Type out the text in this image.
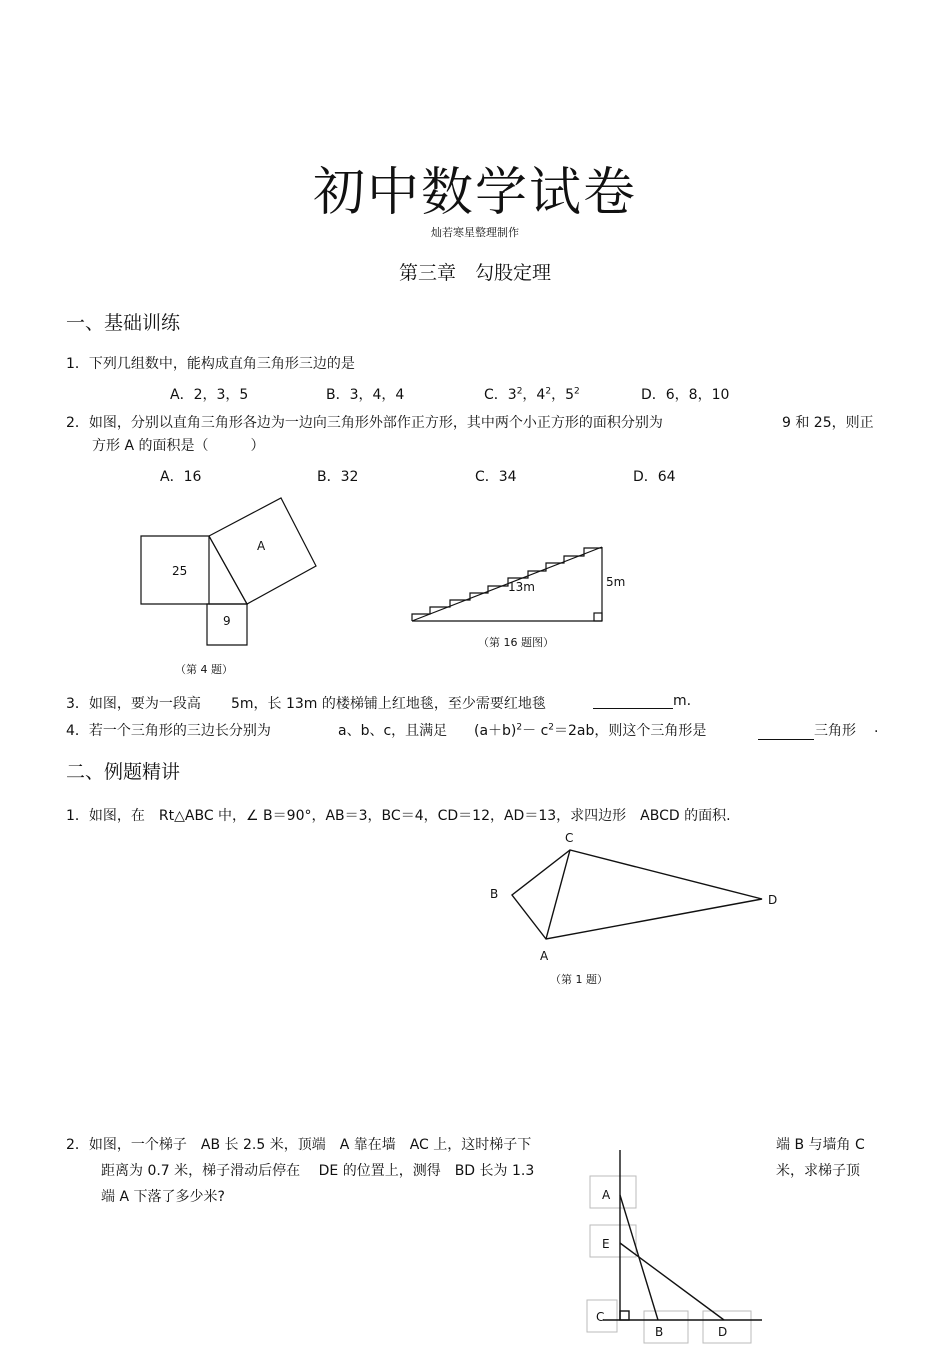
初中数学试卷
灿若寒星整理制作
第三章　勾股定理
一、基础训练
1．下列几组数中，能构成直角三角形三边的是
A．2，3，5	B．3，4，4	C．$3^2$，$4^2$，$5^2$	D．6，8，10
2．如图，分别以直角三角形各边为一边向三角形外部作正方形，其中两个小正方形的面积分别为	9 和 25，则正
方形 A 的面积是（　　　）
A．16	B．32	C．34	D．64
25
A
9
（第 4 题）
13m	5m
（第 16 题图）
3．如图，要为一段高 5m，长 13m 的楼梯铺上红地毯，至少需要红地毯	m.
4．若一个三角形的三边长分别为	a、b、c，且满足 $(a+b)^2- c^2=2ab$，则这个三角形是	三角形 .
二、例题精讲
1．如图，在　Rt△ABC 中，∠ B＝90°，AB＝3，BC＝4，CD＝12，AD＝13，求四边形　ABCD 的面积.
C
B	D
A
（第 1 题）
2．如图，一个梯子　AB 长 2.5 米，顶端　A 靠在墙　AC 上，这时梯子下	端 B 与墙角 C
距离为 0.7 米，梯子滑动后停在　 DE 的位置上，测得　BD 长为 1.3	米，求梯子顶
端 A 下落了多少米?	A
E
C
B	D
